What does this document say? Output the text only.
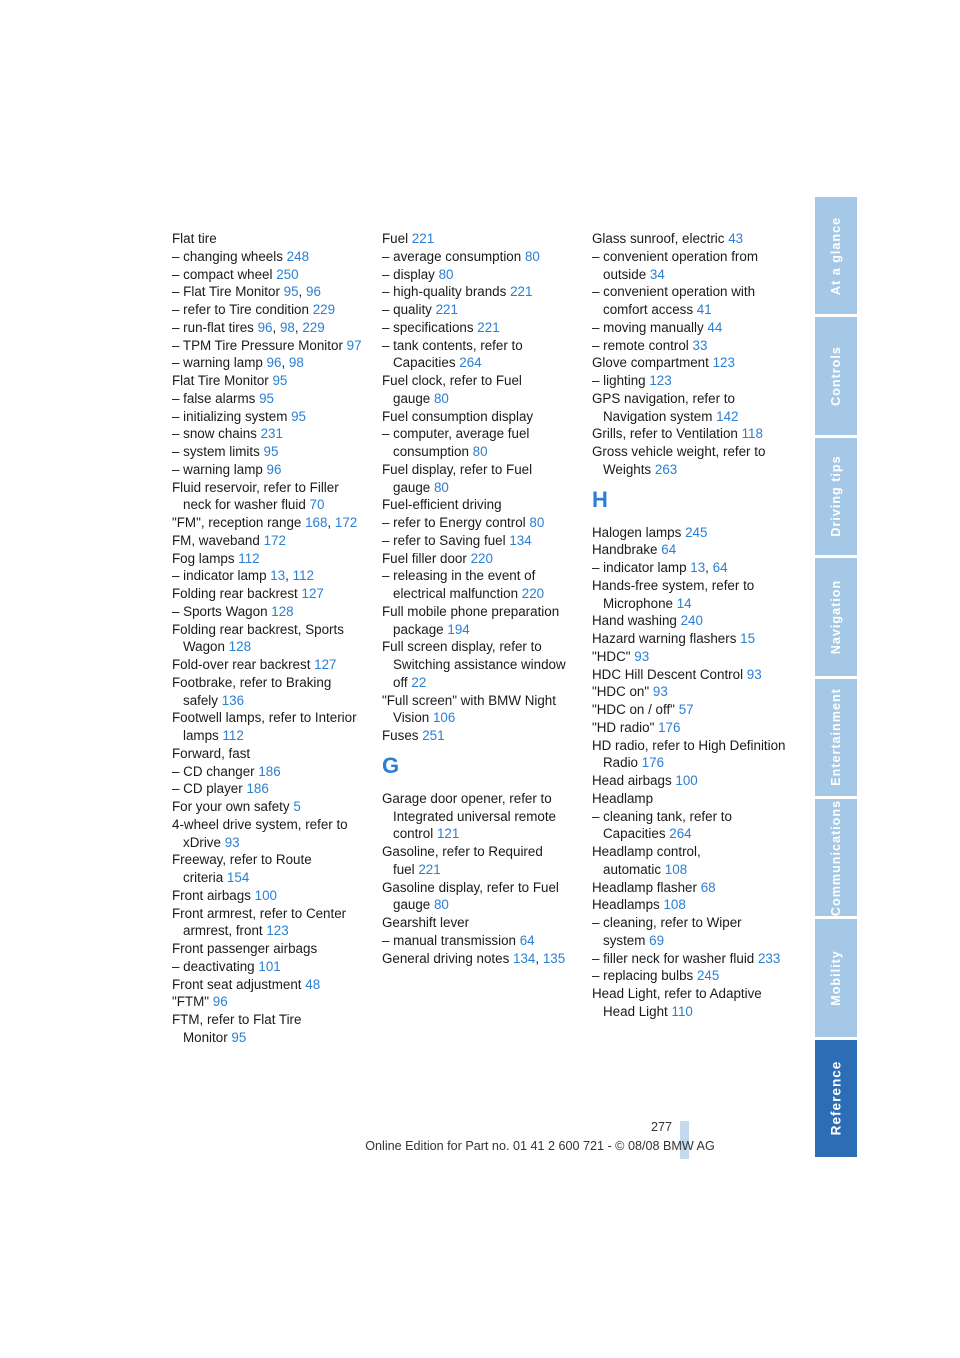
Flat tire
– changing wheels 248
– compact wheel 250
– Flat Tire Monitor 95, 96
– refer to Tire condition 229
– run-flat tires 96, 98, 229
– TPM Tire Pressure Monitor 97
– warning lamp 96, 98
Flat Tire Monitor 95
– false alarms 95
– initializing system 95
– snow chains 231
– system limits 95
– warning lamp 96
Fluid reservoir, refer to Filler neck for washer fluid 70
"FM", reception range 168, 172
FM, waveband 172
Fog lamps 112
– indicator lamp 13, 112
Folding rear backrest 127
– Sports Wagon 128
Folding rear backrest, Sports Wagon 128
Fold-over rear backrest 127
Footbrake, refer to Braking safely 136
Footwell lamps, refer to Interior lamps 112
Forward, fast
– CD changer 186
– CD player 186
For your own safety 5
4-wheel drive system, refer to xDrive 93
Freeway, refer to Route criteria 154
Front airbags 100
Front armrest, refer to Center armrest, front 123
Front passenger airbags
– deactivating 101
Front seat adjustment 48
"FTM" 96
FTM, refer to Flat Tire Monitor 95
Fuel 221
– average consumption 80
– display 80
– high-quality brands 221
– quality 221
– specifications 221
– tank contents, refer to Capacities 264
Fuel clock, refer to Fuel gauge 80
Fuel consumption display
– computer, average fuel consumption 80
Fuel display, refer to Fuel gauge 80
Fuel-efficient driving
– refer to Energy control 80
– refer to Saving fuel 134
Fuel filler door 220
– releasing in the event of electrical malfunction 220
Full mobile phone preparation package 194
Full screen display, refer to Switching assistance window off 22
"Full screen" with BMW Night Vision 106
Fuses 251
G
Garage door opener, refer to Integrated universal remote control 121
Gasoline, refer to Required fuel 221
Gasoline display, refer to Fuel gauge 80
Gearshift lever
– manual transmission 64
General driving notes 134, 135
Glass sunroof, electric 43
– convenient operation from outside 34
– convenient operation with comfort access 41
– moving manually 44
– remote control 33
Glove compartment 123
– lighting 123
GPS navigation, refer to Navigation system 142
Grills, refer to Ventilation 118
Gross vehicle weight, refer to Weights 263
H
Halogen lamps 245
Handbrake 64
– indicator lamp 13, 64
Hands-free system, refer to Microphone 14
Hand washing 240
Hazard warning flashers 15
"HDC" 93
HDC Hill Descent Control 93
"HDC on" 93
"HDC on / off" 57
"HD radio" 176
HD radio, refer to High Definition Radio 176
Head airbags 100
Headlamp
– cleaning tank, refer to Capacities 264
Headlamp control, automatic 108
Headlamp flasher 68
Headlamps 108
– cleaning, refer to Wiper system 69
– filler neck for washer fluid 233
– replacing bulbs 245
Head Light, refer to Adaptive Head Light 110
At a glance
Controls
Driving tips
Navigation
Entertainment
Communications
Mobility
Reference
277
Online Edition for Part no. 01 41 2 600 721 - © 08/08 BMW AG
